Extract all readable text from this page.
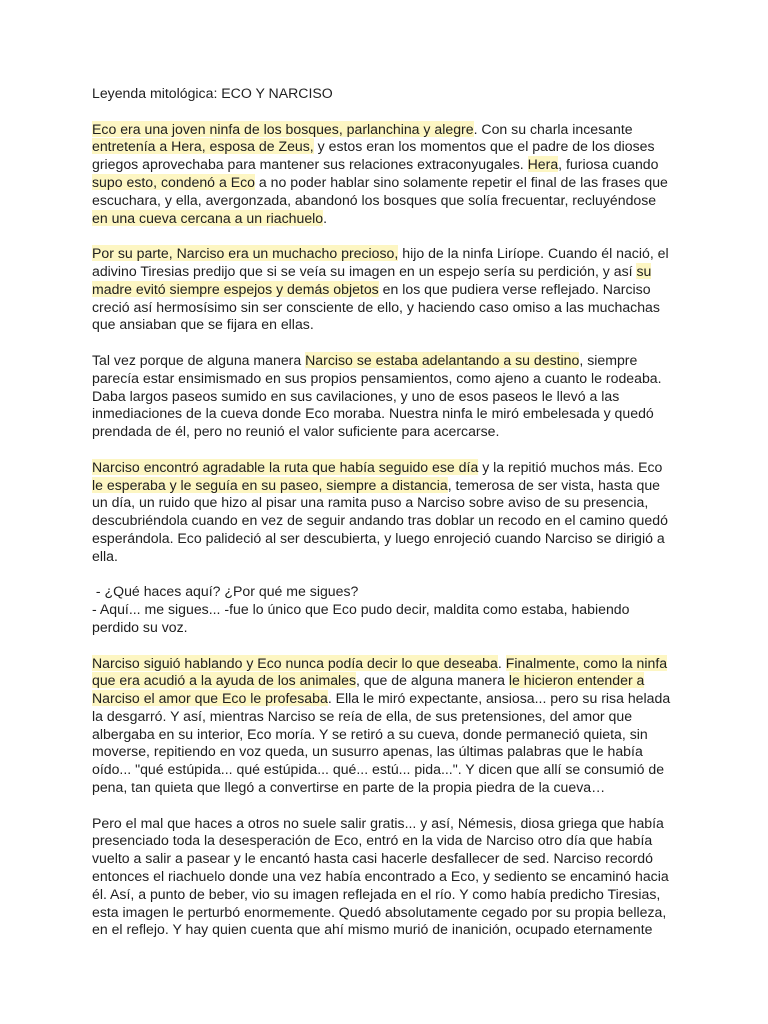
Leyenda mitológica: ECO Y NARCISO
Eco era una joven ninfa de los bosques, parlanchina y alegre. Con su charla incesante
entretenía a Hera, esposa de Zeus, y estos eran los momentos que el padre de los dioses
griegos aprovechaba para mantener sus relaciones extraconyugales. Hera, furiosa cuando
supo esto, condenó a Eco a no poder hablar sino solamente repetir el final de las frases que
escuchara, y ella, avergonzada, abandonó los bosques que solía frecuentar, recluyéndose
en una cueva cercana a un riachuelo.
Por su parte, Narciso era un muchacho precioso, hijo de la ninfa Liríope. Cuando él nació, el
adivino Tiresias predijo que si se veía su imagen en un espejo sería su perdición, y así su
madre evitó siempre espejos y demás objetos en los que pudiera verse reflejado. Narciso
creció así hermosísimo sin ser consciente de ello, y haciendo caso omiso a las muchachas
que ansiaban que se fijara en ellas.
Tal vez porque de alguna manera Narciso se estaba adelantando a su destino, siempre
parecía estar ensimismado en sus propios pensamientos, como ajeno a cuanto le rodeaba.
Daba largos paseos sumido en sus cavilaciones, y uno de esos paseos le llevó a las
inmediaciones de la cueva donde Eco moraba. Nuestra ninfa le miró embelesada y quedó
prendada de él, pero no reunió el valor suficiente para acercarse.
Narciso encontró agradable la ruta que había seguido ese día y la repitió muchos más. Eco
le esperaba y le seguía en su paseo, siempre a distancia, temerosa de ser vista, hasta que
un día, un ruido que hizo al pisar una ramita puso a Narciso sobre aviso de su presencia,
descubriéndola cuando en vez de seguir andando tras doblar un recodo en el camino quedó
esperándola. Eco palideció al ser descubierta, y luego enrojeció cuando Narciso se dirigió a
ella.
- ¿Qué haces aquí? ¿Por qué me sigues?
- Aquí... me sigues... -fue lo único que Eco pudo decir, maldita como estaba, habiendo
perdido su voz.
Narciso siguió hablando y Eco nunca podía decir lo que deseaba. Finalmente, como la ninfa
que era acudió a la ayuda de los animales, que de alguna manera le hicieron entender a
Narciso el amor que Eco le profesaba. Ella le miró expectante, ansiosa... pero su risa helada
la desgarró. Y así, mientras Narciso se reía de ella, de sus pretensiones, del amor que
albergaba en su interior, Eco moría. Y se retiró a su cueva, donde permaneció quieta, sin
moverse, repitiendo en voz queda, un susurro apenas, las últimas palabras que le había
oído... "qué estúpida... qué estúpida... qué... estú... pida...". Y dicen que allí se consumió de
pena, tan quieta que llegó a convertirse en parte de la propia piedra de la cueva…
Pero el mal que haces a otros no suele salir gratis... y así, Némesis, diosa griega que había
presenciado toda la desesperación de Eco, entró en la vida de Narciso otro día que había
vuelto a salir a pasear y le encantó hasta casi hacerle desfallecer de sed. Narciso recordó
entonces el riachuelo donde una vez había encontrado a Eco, y sediento se encaminó hacia
él. Así, a punto de beber, vio su imagen reflejada en el río. Y como había predicho Tiresias,
esta imagen le perturbó enormemente. Quedó absolutamente cegado por su propia belleza,
en el reflejo. Y hay quien cuenta que ahí mismo murió de inanición, ocupado eternamente
